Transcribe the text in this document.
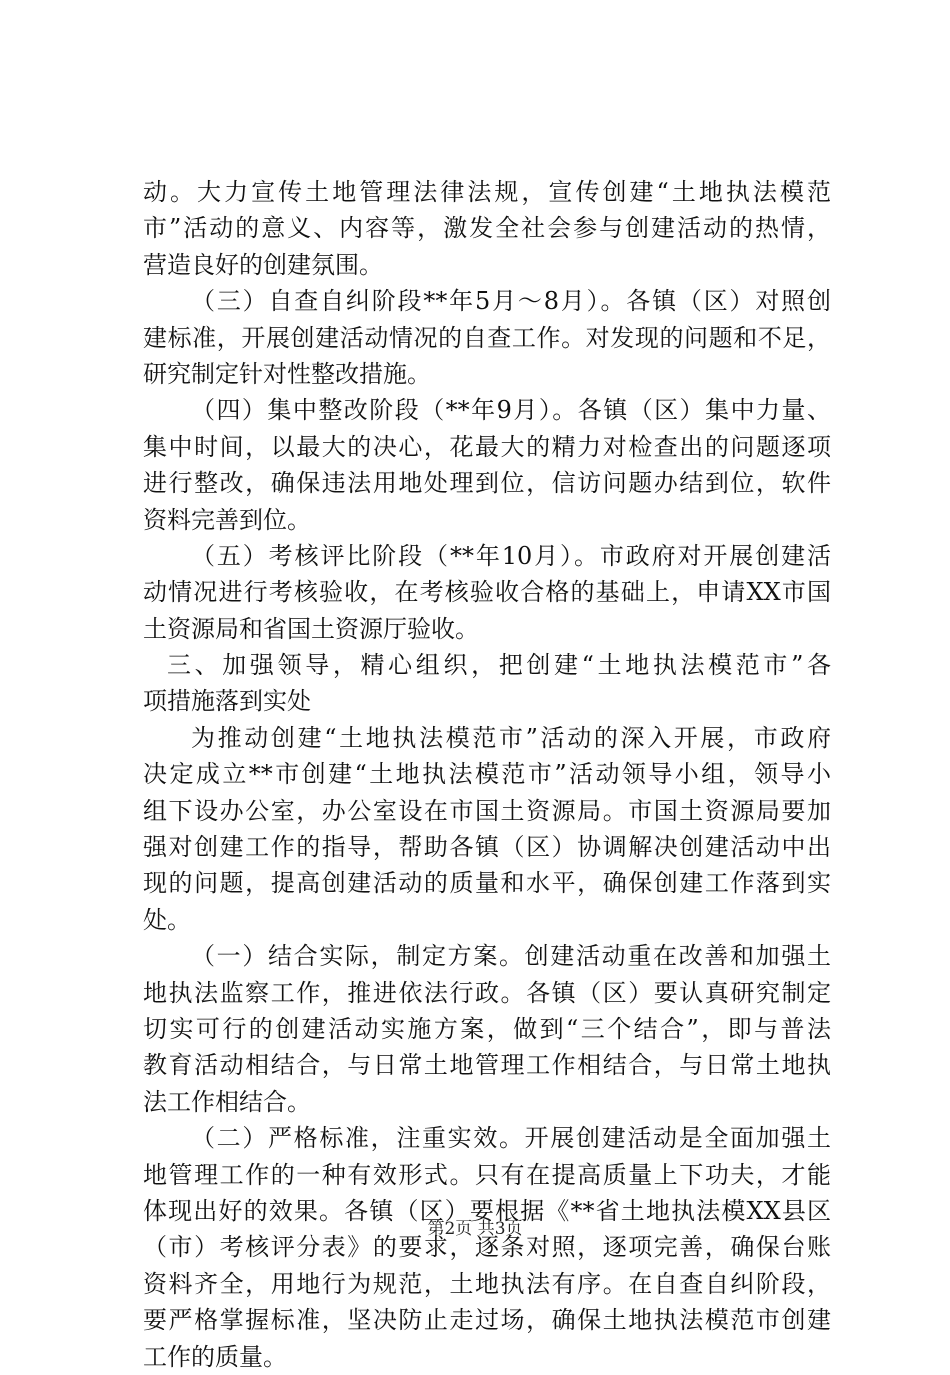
动。大力宣传土地管理法律法规，宣传创建“土地执法模范
市”活动的意义、内容等，激发全社会参与创建活动的热情，
营造良好的创建氛围。
（三）自查自纠阶段**年5月～8月）。各镇（区）对照创
建标准，开展创建活动情况的自查工作。对发现的问题和不足，
研究制定针对性整改措施。
（四）集中整改阶段（**年9月）。各镇（区）集中力量、
集中时间，以最大的决心，花最大的精力对检查出的问题逐项
进行整改，确保违法用地处理到位，信访问题办结到位，软件
资料完善到位。
（五）考核评比阶段（**年10月）。市政府对开展创建活
动情况进行考核验收，在考核验收合格的基础上，申请XX市国
土资源局和省国土资源厅验收。
三、加强领导，精心组织，把创建“土地执法模范市”各
项措施落到实处
为推动创建“土地执法模范市”活动的深入开展，市政府
决定成立**市创建“土地执法模范市”活动领导小组，领导小
组下设办公室，办公室设在市国土资源局。市国土资源局要加
强对创建工作的指导，帮助各镇（区）协调解决创建活动中出
现的问题，提高创建活动的质量和水平，确保创建工作落到实
处。
（一）结合实际，制定方案。创建活动重在改善和加强土
地执法监察工作，推进依法行政。各镇（区）要认真研究制定
切实可行的创建活动实施方案，做到“三个结合”，即与普法
教育活动相结合，与日常土地管理工作相结合，与日常土地执
法工作相结合。
（二）严格标准，注重实效。开展创建活动是全面加强土
地管理工作的一种有效形式。只有在提高质量上下功夫，才能
体现出好的效果。各镇（区）要根据《**省土地执法模XX县区
（市）考核评分表》的要求，逐条对照，逐项完善，确保台账
资料齐全，用地行为规范，土地执法有序。在自查自纠阶段，
要严格掌握标准，坚决防止走过场，确保土地执法模范市创建
工作的质量。
第2页 共3页
